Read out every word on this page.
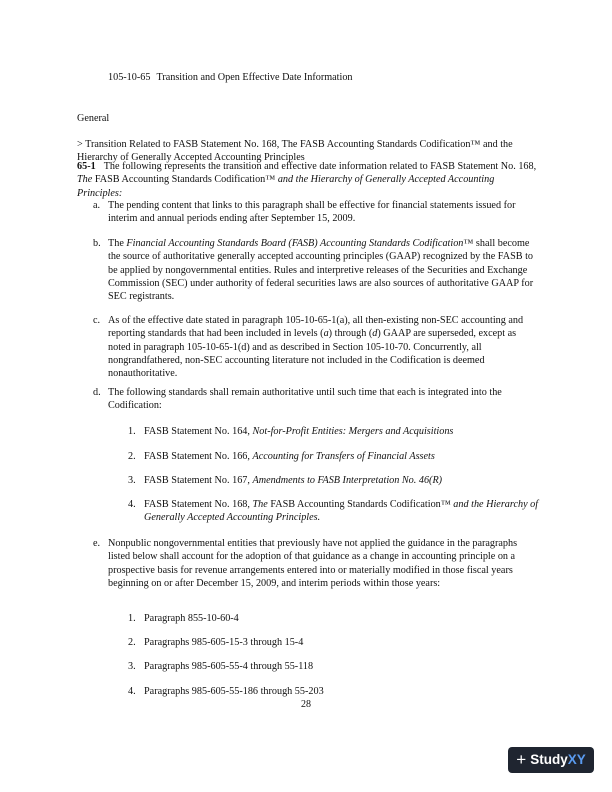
105-10-65 Transition and Open Effective Date Information
General
> Transition Related to FASB Statement No. 168, The FASB Accounting Standards Codification™ and the Hierarchy of Generally Accepted Accounting Principles
65-1 The following represents the transition and effective date information related to FASB Statement No. 168, The FASB Accounting Standards Codification™ and the Hierarchy of Generally Accepted Accounting Principles:
a. The pending content that links to this paragraph shall be effective for financial statements issued for interim and annual periods ending after September 15, 2009.
b. The Financial Accounting Standards Board (FASB) Accounting Standards Codification™ shall become the source of authoritative generally accepted accounting principles (GAAP) recognized by the FASB to be applied by nongovernmental entities. Rules and interpretive releases of the Securities and Exchange Commission (SEC) under authority of federal securities laws are also sources of authoritative GAAP for SEC registrants.
c. As of the effective date stated in paragraph 105-10-65-1(a), all then-existing non-SEC accounting and reporting standards that had been included in levels (a) through (d) GAAP are superseded, except as noted in paragraph 105-10-65-1(d) and as described in Section 105-10-70. Concurrently, all nongrandfathered, non-SEC accounting literature not included in the Codification is deemed nonauthoritative.
d. The following standards shall remain authoritative until such time that each is integrated into the Codification:
1. FASB Statement No. 164, Not-for-Profit Entities: Mergers and Acquisitions
2. FASB Statement No. 166, Accounting for Transfers of Financial Assets
3. FASB Statement No. 167, Amendments to FASB Interpretation No. 46(R)
4. FASB Statement No. 168, The FASB Accounting Standards Codification™ and the Hierarchy of Generally Accepted Accounting Principles.
e. Nonpublic nongovernmental entities that previously have not applied the guidance in the paragraphs listed below shall account for the adoption of that guidance as a change in accounting principle on a prospective basis for revenue arrangements entered into or materially modified in those fiscal years beginning on or after December 15, 2009, and interim periods within those years:
1. Paragraph 855-10-60-4
2. Paragraphs 985-605-15-3 through 15-4
3. Paragraphs 985-605-55-4 through 55-118
4. Paragraphs 985-605-55-186 through 55-203
28
+ StudyXY
